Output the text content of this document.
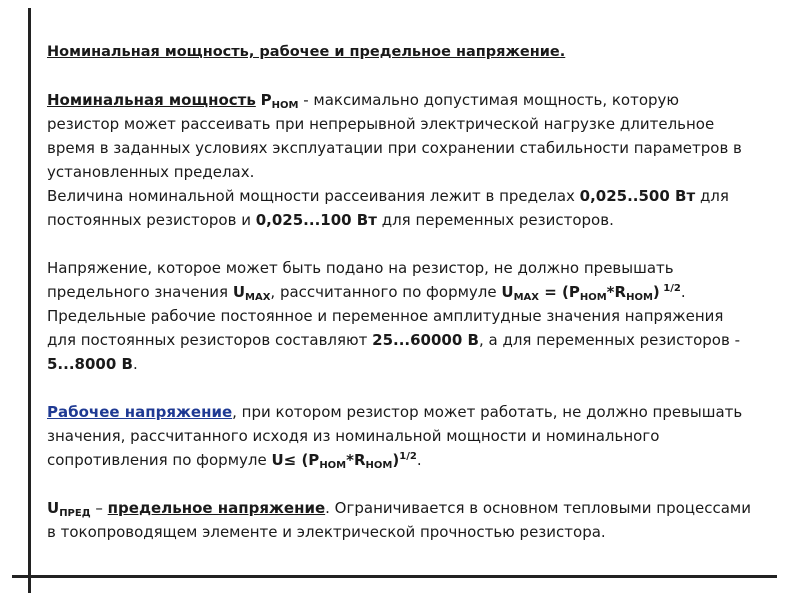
Номинальная мощность, рабочее и предельное напряжение.

Номинальная мощность $Р_{НОМ}$ - максимально допустимая мощность, которую резистор может рассеивать при непрерывной электрической нагрузке длительное время в заданных условиях эксплуатации при сохранении стабильности параметров в установленных пределах.
Величина номинальной мощности рассеивания лежит в пределах 0,025..500 Вт для постоянных резисторов и 0,025...100 Вт для переменных резисторов.

Напряжение, которое может быть подано на резистор, не должно превышать предельного значения $U_{MAX}$, рассчитанного по формуле $U_{MAX} = (P_{HOM}*R_{HOM})$ $^{1/2}$. Предельные рабочие постоянное и переменное амплитудные значения напряжения для постоянных резисторов составляют 25...60000 В, а для переменных резисторов - 5...8000 В.

Рабочее напряжение, при котором резистор может работать, не должно превышать значения, рассчитанного исходя из номинальной мощности и номинального сопротивления по формуле $U\le (P_{HOM}*R_{HOM})^{1/2}$.

$U_{ПРЕД}$ – предельное напряжение. Ограничивается в основном тепловыми процессами в токопроводящем элементе и электрической прочностью резистора.
